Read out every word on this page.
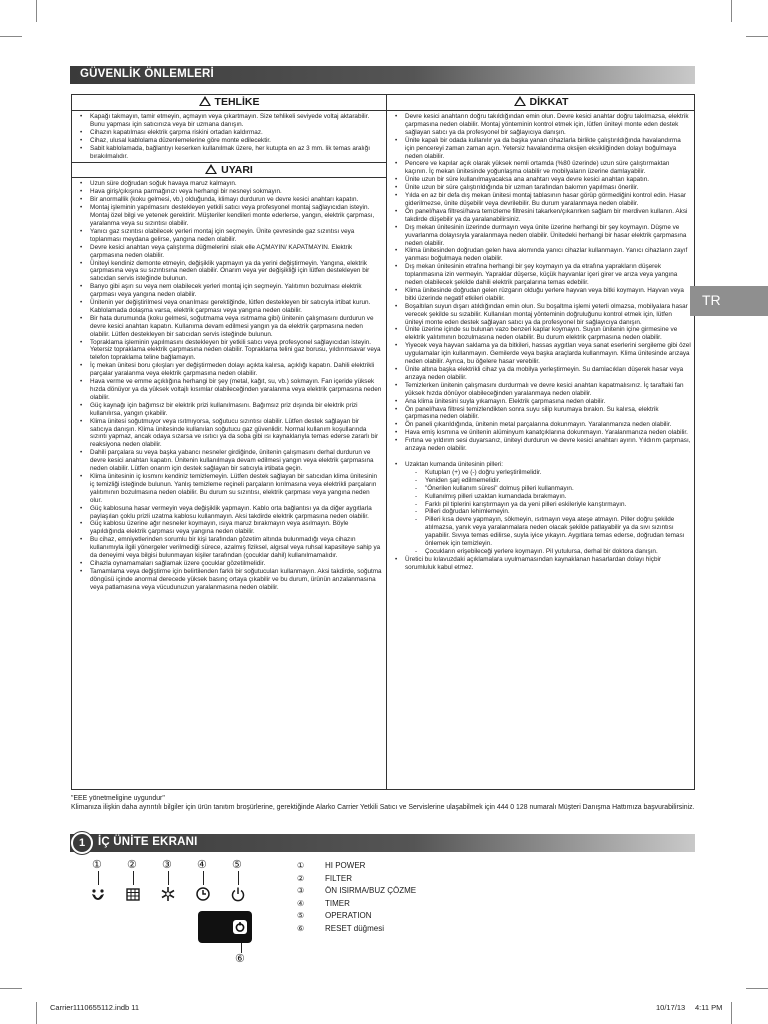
GÜVENLİK ÖNLEMLERİ
TEHLİKE
• Kapağı takmayın, tamir etmeyin, açmayın veya çıkartmayın. Size tehlikeli seviyede voltaj aktarabilir. Bunu yapması için satıcınıza veya bir uzmana danışın.
• Cihazın kapatılması elektrik çarpma riskini ortadan kaldırmaz.
• Cihaz, ulusal kablolama düzenlemelerine göre monte edilecektir.
• Sabit kablolamada, bağlantıyı keserken kullanılmak üzere, her kutupta en az 3 mm. lik temas aralığı bırakılmalıdır.
UYARI
• Uzun süre doğrudan soğuk havaya maruz kalmayın.
• Hava giriş/çıkışına parmağınızı veya herhangi bir nesneyi sokmayın.
• Bir anormallik (koku gelmesi, vb.) olduğunda, klimayı durdurun ve devre kesici anahtarı kapatın.
• Montaj işleminin yapılmasını destekleyen yetkili satıcı veya profesyonel montaj sağlayıcıdan isteyin. Montaj özel bilgi ve yetenek gerektirir. Müşteriler kendileri monte ederlerse, yangın, elektrik çarpması, yaralanma veya su sızıntısı olabilir.
• Yanıcı gaz sızıntısı olabilecek yerleri montaj için seçmeyin. Ünite çevresinde gaz sızıntısı veya toplanması meydana gelirse, yangına neden olabilir.
• Devre kesici anahtarı veya çalıştırma düğmelerini ıslak elle AÇMAYIN/ KAPATMAYIN. Elektrik çarpmasına neden olabilir.
• Üniteyi kendiniz demonte etmeyin, değişiklik yapmayın ya da yerini değiştirmeyin. Yangına, elektrik çarpmasına veya su sızıntısına neden olabilir. Onarım veya yer değişikliği için lütfen destekleyen bir satıcıdan servis isteğinde bulunun.
• Banyo gibi aşırı su veya nem olabilecek yerleri montaj için seçmeyin. Yalıtımın bozulması elektrik çarpması veya yangına neden olabilir.
• Ünitenin yer değiştirilmesi veya onarılması gerektiğinde, lütfen destekleyen bir satıcıyla irtibat kurun. Kablolamada dolaşma varsa, elektrik çarpması veya yangına neden olabilir.
• Bir hata durumunda (koku gelmesi, soğutmama veya ısıtmama gibi) ünitenin çalışmasını durdurun ve devre kesici anahtarı kapatın. Kullanıma devam edilmesi yangın ya da elektrik çarpmasına neden olabilir. Lütfen destekleyen bir satıcıdan servis isteğinde bulunun.
• Topraklama işleminin yapılmasını destekleyen bir yetkili satıcı veya profesyonel sağlayıcıdan isteyin. Yetersiz topraklama elektrik çarpmasına neden olabilir. Topraklama telini gaz borusu, yıldırımsavar veya telefon topraklama teline bağlamayın.
• İç mekan ünitesi boru çıkışları yer değiştirmeden dolayı açıkta kalırsa, açıklığı kapatın. Dahili elektrikli parçalar yaralanma veya elektrik çarpmasına neden olabilir.
• Hava verme ve emme açıklığına herhangi bir şey (metal, kağıt, su, vb.) sokmayın. Fan içeride yüksek hızda dönüyor ya da yüksek voltajlı kısımlar olabileceğinden yaralanma veya elektrik çarpmasına neden olabilir.
• Güç kaynağı için bağımsız bir elektrik prizi kullanılmasını. Bağımsız priz dışında bir elektrik prizi kullanılırsa, yangın çıkabilir.
• Klima ünitesi soğutmuyor veya ısıtmıyorsa, soğutucu sızıntısı olabilir. Lütfen destek sağlayan bir satıcıya danışın. Klima ünitesinde kullanılan soğutucu gaz güvenlidir. Normal kullanım koşullarında sızıntı yapmaz, ancak odaya sızarsa ve ısıtıcı ya da soba gibi ısı kaynaklarıyla temas ederse zararlı bir reaksiyona neden olabilir.
• Dahili parçalara su veya başka yabancı nesneler girdiğinde, ünitenin çalışmasını derhal durdurun ve devre kesici anahtarı kapatın. Ünitenin kullanılmaya devam edilmesi yangın veya elektrik çarpmasına neden olabilir. Lütfen onarım için destek sağlayan bir satıcıyla irtibata geçin.
• Klima ünitesinin iç kısmını kendiniz temizlemeyin. Lütfen destek sağlayan bir satıcıdan klima ünitesinin iç temizliği isteğinde bulunun. Yanlış temizleme reçineli parçaların kırılmasına veya elektrikli parçaların yalıtımının bozulmasına neden olabilir. Bu durum su sızıntısı, elektrik çarpması veya yangına neden olur.
• Güç kablosuna hasar vermeyin veya değişiklik yapmayın. Kablo orta bağlantısı ya da diğer aygıtlarla paylaşılan çoklu prizli uzatma kablosu kullanmayın. Aksi takdirde elektrik çarpmasına neden olabilir.
• Güç kablosu üzerine ağır nesneler koymayın, ısıya maruz bırakmayın veya asılmayın. Böyle yapıldığında elektrik çarpması veya yangına neden olabilir.
• Bu cihaz, emniyetlerinden sorumlu bir kişi tarafından gözetim altında bulunmadığı veya cihazın kullanımıyla ilgili yönergeler verilmediği sürece, azalmış fiziksel, algısal veya ruhsal kapasiteye sahip ya da deneyimi veya bilgisi bulunmayan kişiler tarafından (çocuklar dahil) kullanılmamalıdır.
• Cihazla oynamamaları sağlamak üzere çocuklar gözetilmelidir.
• Tamamlama veya değiştirme için belirtilenden farklı bir soğutucuları kullanmayın. Aksi takdirde, soğutma döngüsü içinde anormal derecede yüksek basınç ortaya çıkabilir ve bu durum, ürünün arızalanmasına veya patlamasına veya vücudunuzun yaralanmasına neden olabilir.
DİKKAT
• Devre kesici anahtarın doğru takıldığından emin olun. Devre kesici anahtar doğru takılmazsa, elektrik çarpmasına neden olabilir. Montaj yönteminin kontrol etmek için, lütfen üniteyi monte eden destek sağlayan satıcı ya da profesyonel bir sağlayıcıya danışın.
• Ünite kapalı bir odada kullanılır ya da başka yanan cihazlarla birlikte çalıştırıldığında havalandırma için pencereyi zaman zaman açın. Yetersiz havalandırma oksijen eksikliğinden dolayı boğulmaya neden olabilir.
• Pencere ve kapılar açık olarak yüksek nemli ortamda (%80 üzerinde) uzun süre çalıştırmaktan kaçının. İç mekan ünitesinde yoğunlaşma olabilir ve mobilyaların üzerine damlayabilir.
• Ünite uzun bir süre kullanılmayacaksa ana anahtarı veya devre kesici anahtarı kapatın.
• Ünite uzun bir süre çalıştırıldığında bir uzman tarafından bakımın yapılması önerilir.
• Yılda en az bir defa dış mekan ünitesi montaj tablasının hasar görüp görmediğini kontrol edin. Hasar giderilmezse, ünite düşebilir veya devrilebilir. Bu durum yaralanmaya neden olabilir.
• Ön panel/hava filtresi/hava temizleme filtresini takarken/çıkarırken sağlam bir merdiven kullanın. Aksi takdirde düşebilir ya da yaralanabilirsiniz.
• Dış mekan ünitesinin üzerinde durmayın veya ünite üzerine herhangi bir şey koymayın. Düşme ve yuvarlanma dolayısıyla yaralanmaya neden olabilir. Ünitedeki herhangi bir hasar elektrik çarpmasına neden olabilir.
• Klima ünitesinden doğrudan gelen hava akımında yanıcı cihazlar kullanmayın. Yanıcı cihazların zayıf yanması boğulmaya neden olabilir.
• Dış mekan ünitesinin etrafına herhangi bir şey koymayın ya da etrafına yaprakların düşerek toplanmasına izin vermeyin. Yapraklar düşerse, küçük hayvanlar içeri girer ve arıza veya yangına neden olabilecek şekilde dahili elektrik parçalarına temas edebilir.
• Klima ünitesinde doğrudan gelen rüzgarın olduğu yerlere hayvan veya bitki koymayın. Hayvan veya bitki üzerinde negatif etkileri olabilir.
• Boşaltılan suyun dışarı atıldığından emin olun. Su boşaltma işlemi yeterli olmazsa, mobilyalara hasar verecek şekilde su sızabilir. Kullanılan montaj yönteminin doğruluğunu kontrol etmek için, lütfen üniteyi monte eden destek sağlayan satıcı ya da profesyonel bir sağlayıcıya danışın.
• Ünite üzerine içinde su bulunan vazo benzeri kaplar koymayın. Suyun ünitenin içine girmesine ve elektrik yalıtımının bozulmasına neden olabilir. Bu durum elektrik çarpmasına neden olabilir.
• Yiyecek veya hayvan saklama ya da bitkileri, hassas aygıtları veya sanat eserlerini sergileme gibi özel uygulamalar için kullanmayın. Gemilerde veya başka araçlarda kullanmayın. Klima ünitesinde arızaya neden olabilir. Ayrıca, bu öğelere hasar verebilir.
• Ünite altına başka elektrikli cihaz ya da mobilya yerleştirmeyin. Su damlacıkları düşerek hasar veya arızaya neden olabilir.
• Temizlerken ünitenin çalışmasını durdurmalı ve devre kesici anahtarı kapatmalısınız. İç taraftaki fan yüksek hızda dönüyor olabileceğinden yaralanmaya neden olabilir.
• Ana klima ünitesini suyla yıkamayın. Elektrik çarpmasına neden olabilir.
• Ön panel/hava filtresi temizlendikten sonra suyu silip kurumaya bırakın. Su kalırsa, elektrik çarpmasına neden olabilir.
• Ön paneli çıkarıldığında, ünitenin metal parçalarına dokunmayın. Yaralanmanıza neden olabilir.
• Hava emiş kısmına ve ünitenin alüminyum kanatçıklarına dokunmayın. Yaralanmanıza neden olabilir.
• Fırtına ve yıldırım sesi duyarsanız, üniteyi durdurun ve devre kesici anahtarı ayırın. Yıldırım çarpması, arızaya neden olabilir.
• Uzaktan kumanda ünitesinin pilleri:
- Kutupları (+) ve (-) doğru yerleştirilmelidir.
- Yeniden şarj edilmemelidir.
- "Önerilen kullanım süresi" dolmuş pilleri kullanmayın.
- Kullanılmış pilleri uzaktan kumandada bırakmayın.
- Farklı pil tiplerini karıştırmayın ya da yeni pilleri eskileriyle karıştırmayın.
- Pilleri doğrudan lehimlemeyin.
- Pilleri kısa devre yapmayın, sökmeyin, ısıtmayın veya ateşe atmayın. Piller doğru şekilde atılmazsa, yanık veya yaralanmalara neden olacak şekilde patlayabilir ya da sıvı sızıntısı yapabilir. Sıvıya temas edilirse, suyla iyice yıkayın. Aygıtlara temas ederse, doğrudan teması önlemek için temizleyin.
- Çocukların erişebileceği yerlere koymayın. Pil yutulursa, derhal bir doktora danışın.
• Üretici bu kılavuzdaki açıklamalara uyulmamasından kaynaklanan hasarlardan dolayı hiçbir sorumluluk kabul etmez.
"EEE yönetmeligine uygundur"
Klimanıza ilişkin daha ayrıntılı bilgiler için ürün tanıtım broşürlerine, gerektiğinde Alarko Carrier Yetkili Satıcı ve Servislerine ulaşabilmek için 444 0 128 numaralı Müşteri Danışma Hattımıza başvurabilirsiniz.
1	İÇ ÜNİTE EKRANI
① ② ③ ④ ⑤
⑥
①	HI POWER
②	FILTER
③	ÖN ISIRMA/BUZ ÇÖZME
④	TIMER
⑤	OPERATION
⑥	RESET düğmesi
TR
Carrier1110655112.indb 11	10/17/13 4:11 PM
